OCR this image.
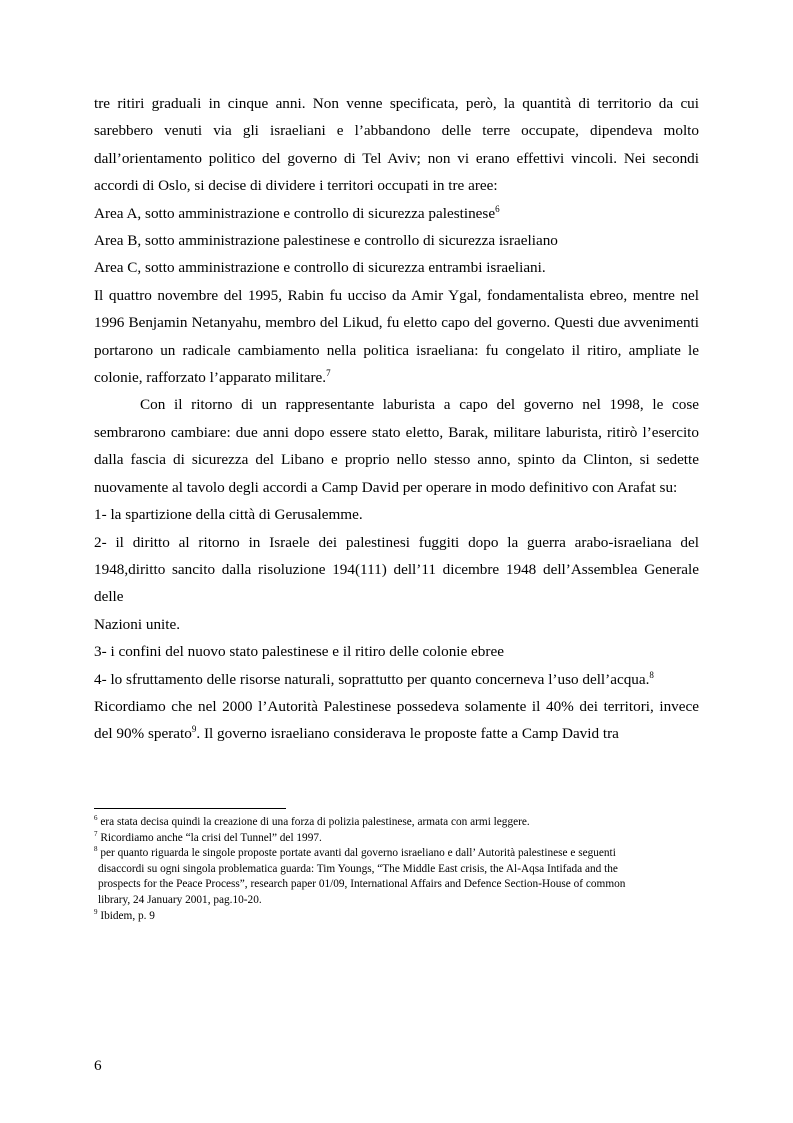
tre ritiri graduali in cinque anni. Non venne specificata, però, la quantità di territorio da cui sarebbero venuti via gli israeliani e l’abbandono delle terre occupate, dipendeva molto dall’orientamento politico del governo di Tel Aviv; non vi erano effettivi vincoli. Nei secondi accordi di Oslo, si decise di dividere i territori occupati in tre aree:

Area A, sotto amministrazione e controllo di sicurezza palestinese$^6$

Area B, sotto amministrazione palestinese e controllo di sicurezza israeliano

Area C, sotto amministrazione e controllo di sicurezza entrambi israeliani.

Il quattro novembre del 1995, Rabin fu ucciso da Amir Ygal, fondamentalista ebreo, mentre nel 1996 Benjamin Netanyahu, membro del Likud, fu eletto capo del governo. Questi due avvenimenti portarono un radicale cambiamento nella politica israeliana: fu congelato il ritiro, ampliate le colonie, rafforzato l’apparato militare.$^7$

Con il ritorno di un rappresentante laburista a capo del governo nel 1998, le cose sembrarono cambiare: due anni dopo essere stato eletto, Barak, militare laburista, ritirò l’esercito dalla fascia di sicurezza del Libano e proprio nello stesso anno, spinto da Clinton, si sedette nuovamente al tavolo degli accordi a Camp David per operare in modo definitivo con Arafat su:

1- la spartizione della città di Gerusalemme.

2- il diritto al ritorno in Israele dei palestinesi fuggiti dopo la guerra arabo-israeliana del 1948,diritto sancito dalla risoluzione 194(111) dell’11 dicembre 1948 dell’Assemblea Generale delle

Nazioni unite.

3- i confini del nuovo stato palestinese e il ritiro delle colonie ebree

4- lo sfruttamento delle risorse naturali, soprattutto per quanto concerneva l’uso dell’acqua.$^8$

Ricordiamo che nel 2000 l’Autorità Palestinese possedeva solamente il 40% dei territori, invece del 90% sperato$^9$. Il governo israeliano considerava le proposte fatte a Camp David tra

$^6$ era stata decisa quindi la creazione di una forza di polizia palestinese, armata con armi leggere.

$^7$ Ricordiamo anche “la crisi del Tunnel” del 1997.

$^8$ per quanto riguarda le singole proposte portate avanti dal governo israeliano e dall’ Autorità palestinese e seguenti

disaccordi su ogni singola problematica guarda: Tim Youngs, “The Middle East crisis, the Al-Aqsa Intifada and the

prospects for the Peace Process”, research paper 01/09, International Affairs and Defence Section-House of common

library, 24 January 2001, pag.10-20.

$^9$ Ibidem, p. 9

6
